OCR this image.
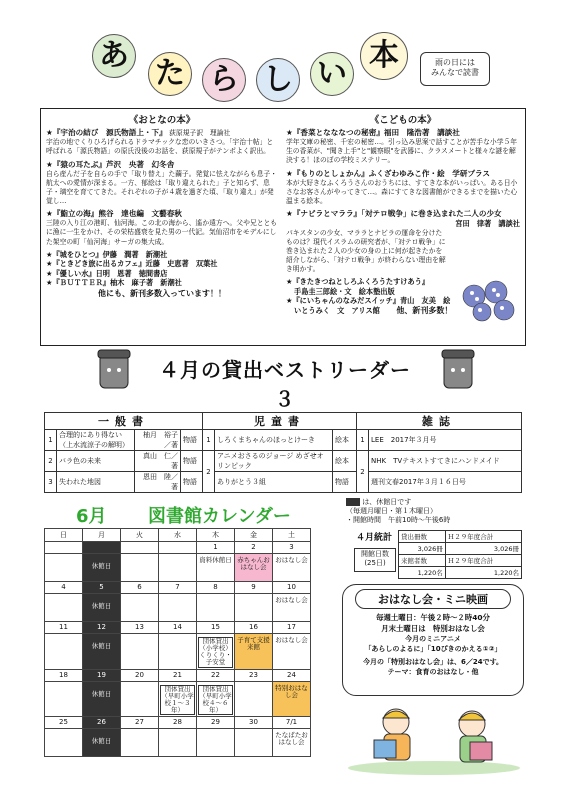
あ
た ら し い
本	雨の日には
みんなで読書
《おとなの本》
★『宇治の結び　源氏物語上・下』 荻原規子訳　理論社
宇治の地でくりひろげられるドラマチックな恋のいきさつ。「宇治十帖」と呼ばれる「源氏物語」の原氏没後のお話を、荻原規子がテンポよく訳出。
★『猿の耳たぶ』芦沢　央著　幻冬舎
自ら産んだ子を自らの手で「取り替え」た繭子。発覚に怯えながらも息子・航太への愛情が深まる。一方、郁絵は「取り違えられた」子と知らず、息子・璃空を育ててきた。それぞれの子が４歳を過ぎた頃、「取り違え」が発覚し…
★『鮨立の海』熊谷　達也編　文藝春秋
三陸の入り江の港町、仙河海。この北の海から、遙か遠方へ。父や兄とともに漁に一生をかけ、その栄枯盛衰を見た男の一代記。気仙沼市をモデルにした架空の町「仙河海」サーガの集大成。
★『城をひとつ』伊藤　潤著　新潮社
★『ときどき旅に出るカフェ』近藤　史恵著　双葉社
★『優しい水』日明　恩著　徳間書店
★『ＢＵＴＴＥＲ』柚木　麻子著　新潮社
他にも、新刊多数入っています！！
《こどもの本》
★『香菜となななつの秘密』福田　隆浩著　講談社
学年文庫の秘密、千宏の秘密…。引っ込み思案で話すことが苦手な小学５年生の香菜が、"聞き上手"と"観察眼"を武器に、クラスメートと様々な謎を解決する！ほのぼの学校ミステリー。
★『もりのとしょかん』ふくざわゆみこ作・絵　学研プラス
本が大好きなふくろうさんのおうちには、すてきな本がいっぱい。ある日小さなお客さんがやってきて…。森にすてきな図書館ができるまでを描いた心温まる絵本。
★『ナビラとマララ』「対テロ戦争」に巻き込まれた二人の少女
宮田　律著　講談社
パキスタンの少女、マララとナビラの運命を分けたものは？現代イスラムの研究者が、「対テロ戦争」に巻き込まれた２人の少女の身の上に何が起きたかを紹介しながら、「対テロ戦争」が終わらない理由を解き明かす。
★『きたきつねとしろふくろうたすけあう』
手島圭三郎絵・文　絵本塾出版
★『にいちゃんのなみだスイッチ』青山　友美　絵
いとうみく　文　アリス館 他、新刊多数！
４月の貸出ベストリーダー３
一般書				児童書			雑誌	
1	合理的にあり得ない（上水流涼子の解明）	柚月　裕子／著	物語	1	しろくまちゃんのほっとけーき	絵本	1	LEE　2017年３月号
2	バラ色の未来	真山　仁／著	物語	2	アニメおさるのジョージ めざせオリンピック	絵本	2	NHK　TVテキストすてきにハンドメイド
3	失われた地図	恩田　陸／著	物語		ありがとう３組	物語		週刊文春2017年３月１６日号
6月 図書館カレンダー
は、休館日です
（毎週月曜日・第１木曜日）
・開館時間　午前10時～午後6時
日	月	火	水	木	金	土
				1	2	3

	休館日			資料休館日	赤ちゃんおはなし会	おはなし会

4	5	6	7	8	9	10

	休館日					おはなし会

11	12	13	14	15	16	17

	休館日			団体貸出（小学校）くりくり・子安堂	子育て支援来館	おはなし会

18	19	20	21	22	23	24

	休館日		団体貸出（早町小学校１～３年）	団体貸出（早町小学校４～６年）		特別おはなし会

25	26	27	28	29	30	7/1

	休館日					たなばたおはなし会
４月統計
開館日数
(25日)
貸出冊数	Ｈ２９年度合計
3,026冊	3,026冊
来館者数	Ｈ２９年度合計
1,220名	1,220名
おはなし会・ミニ映画
毎週土曜日：午後２時～２時40分
月末土曜日は　特別おはなし会
今月のミニアニメ
「あらしのよるに」「10ぴきのかえる①②」
今月の「特別おはなし会」は、6／24です。
テーマ：食育のおはなし・他
